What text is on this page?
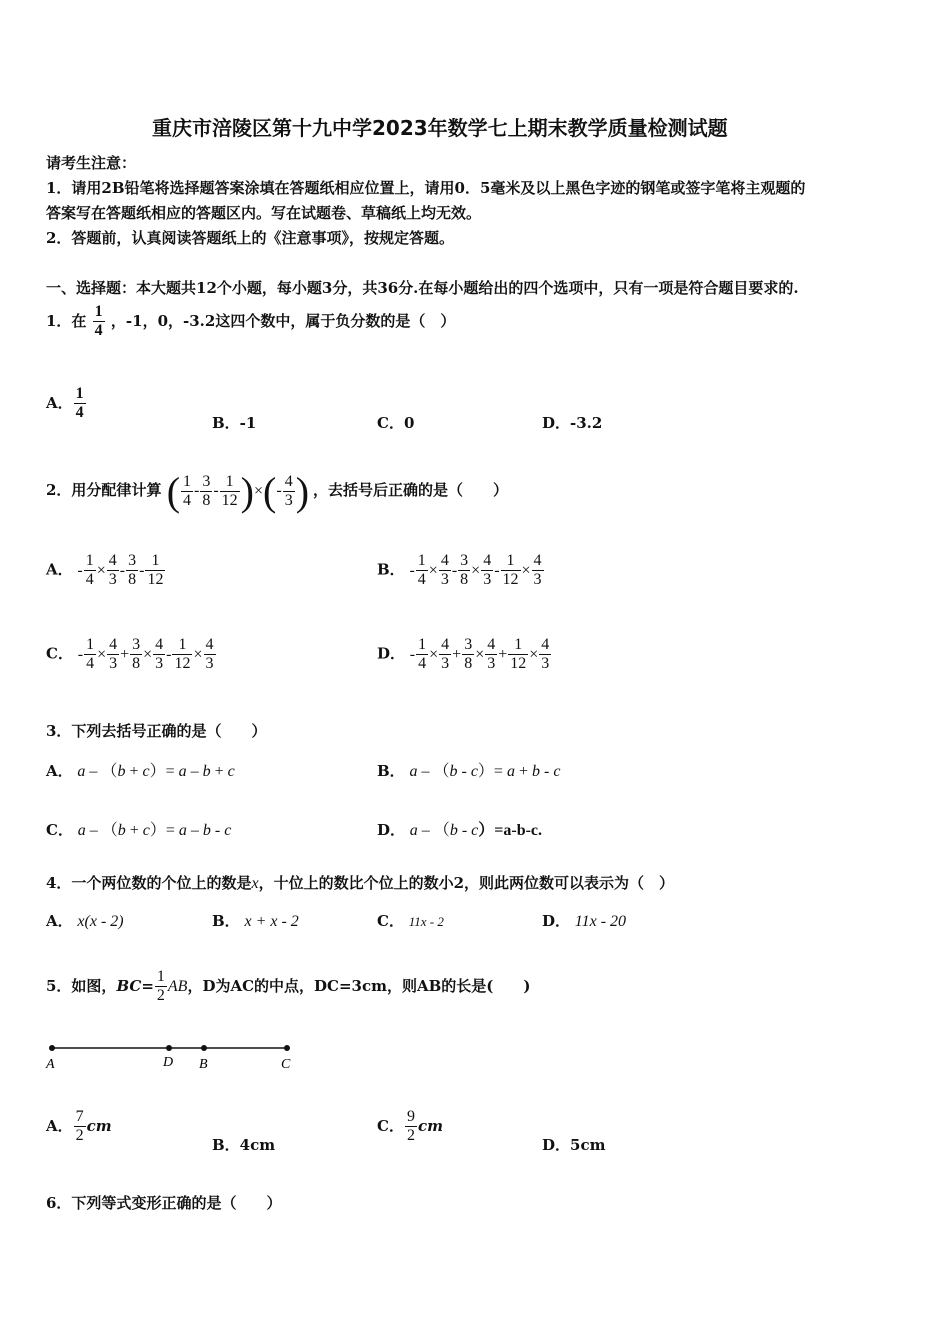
重庆市涪陵区第十九中学2023年数学七上期末教学质量检测试题
请考生注意：
1．请用2B铅笔将选择题答案涂填在答题纸相应位置上，请用0．5毫米及以上黑色字迹的钢笔或签字笔将主观题的
答案写在答题纸相应的答题区内。写在试题卷、草稿纸上均无效。
2．答题前，认真阅读答题纸上的《注意事项》，按规定答题。
一、选择题：本大题共12个小题，每小题3分，共36分.在每小题给出的四个选项中，只有一项是符合题目要求的.
1．在 $\frac{1}{4}$ ，-1，0，-3.2这四个数中，属于负分数的是（　）
A． $\frac{1}{4}$
B．-1	C．0	D．-3.2
2．用分配律计算 ( $\frac{1}{4} - \frac{3}{8} - \frac{1}{12}$ )×(- $\frac{4}{3}$ ) ，去括号后正确的是（　　）
A． - $\frac{1}{4} \times \frac{4}{3} - \frac{3}{8} - \frac{1}{12}$	B． - $\frac{1}{4} \times \frac{4}{3} - \frac{3}{8} \times \frac{4}{3} - \frac{1}{12} \times \frac{4}{3}$
C． - $\frac{1}{4} \times \frac{4}{3} + \frac{3}{8} \times \frac{4}{3} - \frac{1}{12} \times \frac{4}{3}$	D． - $\frac{1}{4} \times \frac{4}{3} + \frac{3}{8} \times \frac{4}{3} + \frac{1}{12} \times \frac{4}{3}$
3．下列去括号正确的是（　　）
A． a – （b + c）= a – b + c	B． a – （b - c）= a + b - c
C． a – （b + c）= a – b - c	D． a – （b - c）=a-b-c.
4．一个两位数的个位上的数是x，十位上的数比个位上的数小2，则此两位数可以表示为（　）
A． x(x - 2)	B． x + x - 2	C． 11x - 2	D． 11x - 20
5．如图，$BC= \frac{1}{2}$ AB，D为AC的中点，DC=3cm，则AB的长是(　　)
A	D B	C
A． $\frac{7}{2}$ cm
B．4cm
C． $\frac{9}{2}$ cm
D．5cm
6．下列等式变形正确的是（　　）
